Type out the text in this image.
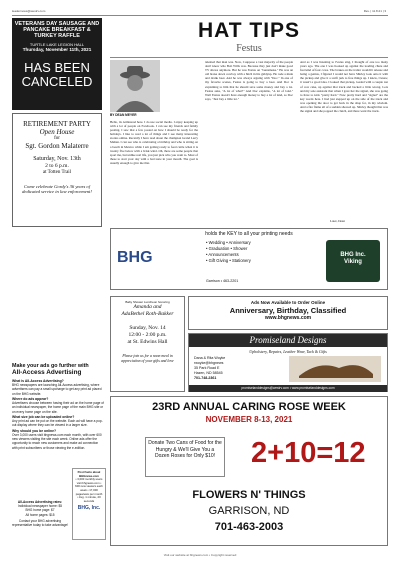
leadernews@westrv.com	Rev. | 11.8.21 | 3
VETERANS DAY SAUSAGE AND
PANCAKE BREAKFAST &
TURKEY RAFFLE
TURTLE LAKE LEGION HALL
Thursday, November 11th, 2021
HAS BEEN
CANCELED
RETIREMENT PARTY
Open House
for
Sgt. Gordon Malaterre
Saturday, Nov. 13th
2 to 6 p.m.
at Totten Trail
Come celebrate Gordy's 36 years of dedicated service in law enforcement!
HAT TIPS
Festus
BY DEAN MEYER
Hello, its Armistead here. I do use social media. I enjoy keeping up with a lot of people on Facebook. I can see my friends and family posting. I saw that a few posted on how I should be ready for the holidays. I like to read a lot of things and I see many interesting stories online. Recently I have read about the champion Grand Larry Mahan. I can see who is celebrating a birthday and who is sitting on a beach in Mexico while I am getting ready to feed cattle when it is twenty five below with a brisk wind. Oh, there are some people that sport me, but unlike real life, you just pick who you want to. Most of these to start your day with a bad taste in your mouth. The goal is usually enough to give me that.
talented that man was. Now, I suppose a vast majority of the people don't know who Bob Wills was. Because they just don't make good TV shows anymore. But he was Festus on "Gunsmoke." He was an old broke down cowboy with a hitch in his giddyup. He rode a mule and drank beer. And he was always arguing with "Doc." In one of my favorite scenes, Festus is going to buy a beer. And Doc is explaining to him that he should save some money and buy a lot. Festus asks, "A lot of what?" And Doc explains, "A lot of land." Well Festus doesn't have enough money to buy a lot of land, so Doc says, "Just buy a little lot."
And as I was listening to Festus sing, I thought of one too many years ago. The one I was hooked up against the loading chute and fast kind of four cows. The brakes on the trailer wouldn't release and being a genius, I figured I would not have Shirley look onto it with the pickup and give it a swift jerk to free things up. I knew, I knew, it wasn't a good idea. I looked that pickup, loaded with a couple ton of cow cake, up against that truck and backed a little wrong. Lots and my sole assistant that when I gave her the signal, she was going to have to kick "pretty hard." Now pretty hard and "signal" are the key words here. I had just stepped up on the side of the truck and was opening the door to get back in the shop for, in my wisdom. And a fire flame all of a sudden showed up. Shirley thought that was the signal and she popped the clutch, and there went the truck.
Later, Dean
holds the KEY to all your printing needs
BHG
• Wedding • Anniversary
• Graduation • Shower
• Announcements
• Gift Giving • Stationery
Garrison • 463-2201
BHG Inc.
Viking
Ads Now Available to Order Online
Anniversary, Birthday, Classified
www.bhgnews.com
Baby Shower Luncheon honoring
Amanda and
AdaBethel Roth-Bakker
Sunday, Nov. 14
12:00 - 2:00 p.m.
at St. Edwins Hall
Please join us for a noon meal in appreciation of your gifts and love
Promiseland Designs
Upholstery, Repairs, Leather Wear, Tack & Gifts
Dana & Rita Woyke
rwoyke@bhgnews
35 Park Road E
Hazen, ND 58545
701-748-2361
promiselanddesigns@westrv.com • www.promiselanddesigns.com
Make your ads go further with
All-Access Advertising
What is All-Access Advertising?
BHG newspapers are launching All-Access advertising, where advertisers can pay a small upcharge to get any print ad placed on the BHG website.
Where do ads appear?
Advertisers choose between having their ad on the home page of an individual newspaper, the home page of the main BHG site or on every home page on the site.
What size job can be uploaded online?
Any print ad can be put on the website. Each ad will have a pop-out display where they can be viewed in a larger size.
Why should you be online?
Over 3,000 users visit bhgnews.com each month, with over 600 new viewers visiting the site each week. Online ads offer the opportunity to reach new customers and make ad connection with print subscribers or those viewing the e-edition.
All-Access Advertising rates:
Individual newspaper home: $5
BHG home page: $7
All home pages: $15
Contact your BHG advertising representative today to take advantage!
Post Facto about BHGnews.com
• 3,000 monthly users visit bhgnews.com • 600 new viewers each week • 17,000 pageviews per month • Avg. 1 minute, 20 seconds
BHG, Inc.
23RD ANNUAL CARING ROSE WEEK
NOVEMBER 8-13, 2021
Donate Two Cans of Food for the Hungry & We'll Give You a Dozen Roses for Only $10!	2+10=12
FLOWERS N' THINGS
GARRISON, ND
701-463-2003
Visit our website at bhgnews.com • Copyright reserved
